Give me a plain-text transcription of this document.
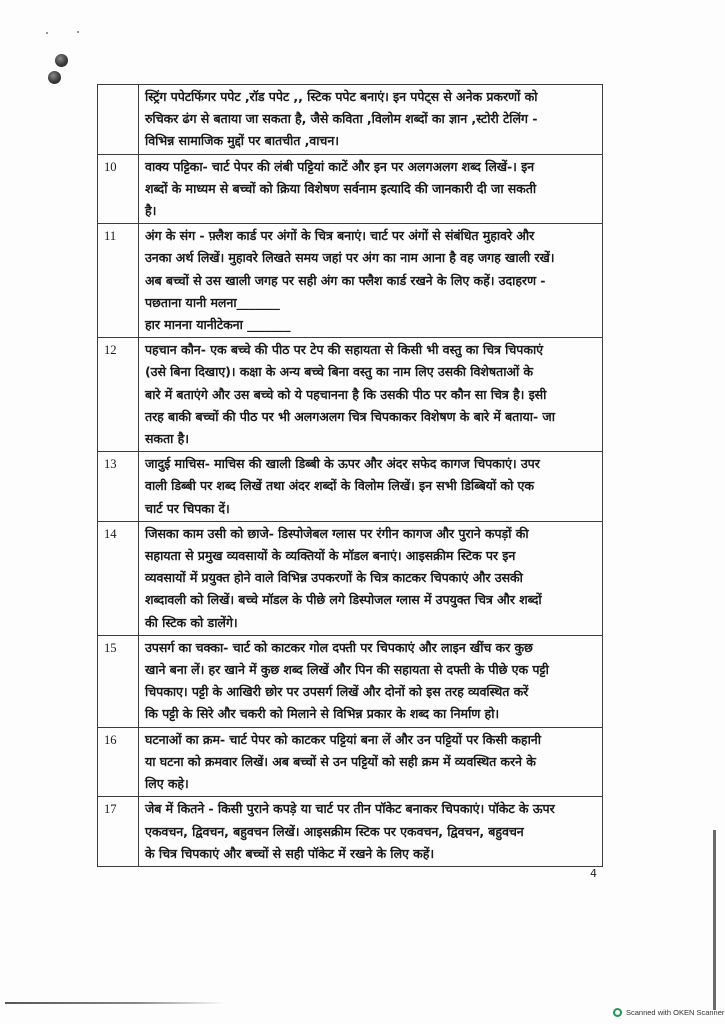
	स्ट्रिंग पपेटफिंगर पपेट ,रॉड पपेट ,, स्टिक पपेट बनाएं। इन पपेट्स से अनेक प्रकरणों को
रुचिकर ढंग से बताया जा सकता है, जैसे कविता ,विलोम शब्दों का ज्ञान ,स्टोरी टेलिंग -
विभिन्न सामाजिक मुद्दों पर बातचीत ,वाचन।

10	वाक्य पट्टिका- चार्ट पेपर की लंबी पट्टियां काटें और इन पर अलगअलग शब्द लिखें-। इन
शब्दों के माध्यम से बच्चों को क्रिया विशेषण सर्वनाम इत्यादि की जानकारी दी जा सकती
है।

11	अंग के संग - फ़्लैश कार्ड पर अंगों के चित्र बनाएं। चार्ट पर अंगों से संबंधित मुहावरे और
उनका अर्थ लिखें। मुहावरे लिखते समय जहां पर अंग का नाम आना है वह जगह खाली रखें।
अब बच्चों से उस खाली जगह पर सही अंग का फ्लैश कार्ड रखने के लिए कहें। उदाहरण -
पछताना यानी मलना_______
हार मानना यानीटेकना _______

12	पहचान कौन- एक बच्चे की पीठ पर टेप की सहायता से किसी भी वस्तु का चित्र चिपकाएं
(उसे बिना दिखाए)। कक्षा के अन्य बच्चे बिना वस्तु का नाम लिए उसकी विशेषताओं के
बारे में बताएंगे और उस बच्चे को ये पहचानना है कि उसकी पीठ पर कौन सा चित्र है। इसी
तरह बाकी बच्चों की पीठ पर भी अलगअलग चित्र चिपकाकर विशेषण के बारे में बताया- जा
सकता है।

13	जादुई माचिस- माचिस की खाली डिब्बी के ऊपर और अंदर सफेद कागज चिपकाएं। उपर
वाली डिब्बी पर शब्द लिखें तथा अंदर शब्दों के विलोम लिखें। इन सभी डिब्बियों को एक
चार्ट पर चिपका दें।

14	जिसका काम उसी को छाजे- डिस्पोजेबल ग्लास पर रंगीन कागज और पुराने कपड़ों की
सहायता से प्रमुख व्यवसायों के व्यक्तियों के मॉडल बनाएं। आइसक्रीम स्टिक पर इन
व्यवसायों में प्रयुक्त होने वाले विभिन्न उपकरणों के चित्र काटकर चिपकाएं और उसकी
शब्दावली को लिखें। बच्चे मॉडल के पीछे लगे डिस्पोजल ग्लास में उपयुक्त चित्र और शब्दों
की स्टिक को डालेंगे।

15	उपसर्ग का चक्का- चार्ट को काटकर गोल दफ्ती पर चिपकाएं और लाइन खींच कर कुछ
खाने बना लें। हर खाने में कुछ शब्द लिखें और पिन की सहायता से दफ्ती के पीछे एक पट्टी
चिपकाए। पट्टी के आखिरी छोर पर उपसर्ग लिखें और दोनों को इस तरह व्यवस्थित करें
कि पट्टी के सिरे और चकरी को मिलाने से विभिन्न प्रकार के शब्द का निर्माण हो।

16	घटनाओं का क्रम- चार्ट पेपर को काटकर पट्टियां बना लें और उन पट्टियों पर किसी कहानी
या घटना को क्रमवार लिखें। अब बच्चों से उन पट्टियों को सही क्रम में व्यवस्थित करने के
लिए कहे।

17	जेब में कितने - किसी पुराने कपड़े या चार्ट पर तीन पॉकेट बनाकर चिपकाएं। पॉकेट के ऊपर
एकवचन, द्विवचन, बहुवचन लिखें। आइसक्रीम स्टिक पर एकवचन, द्विवचन, बहुवचन
के चित्र चिपकाएं और बच्चों से सही पॉकेट में रखने के लिए कहें।
4
Scanned with OKEN Scanner
